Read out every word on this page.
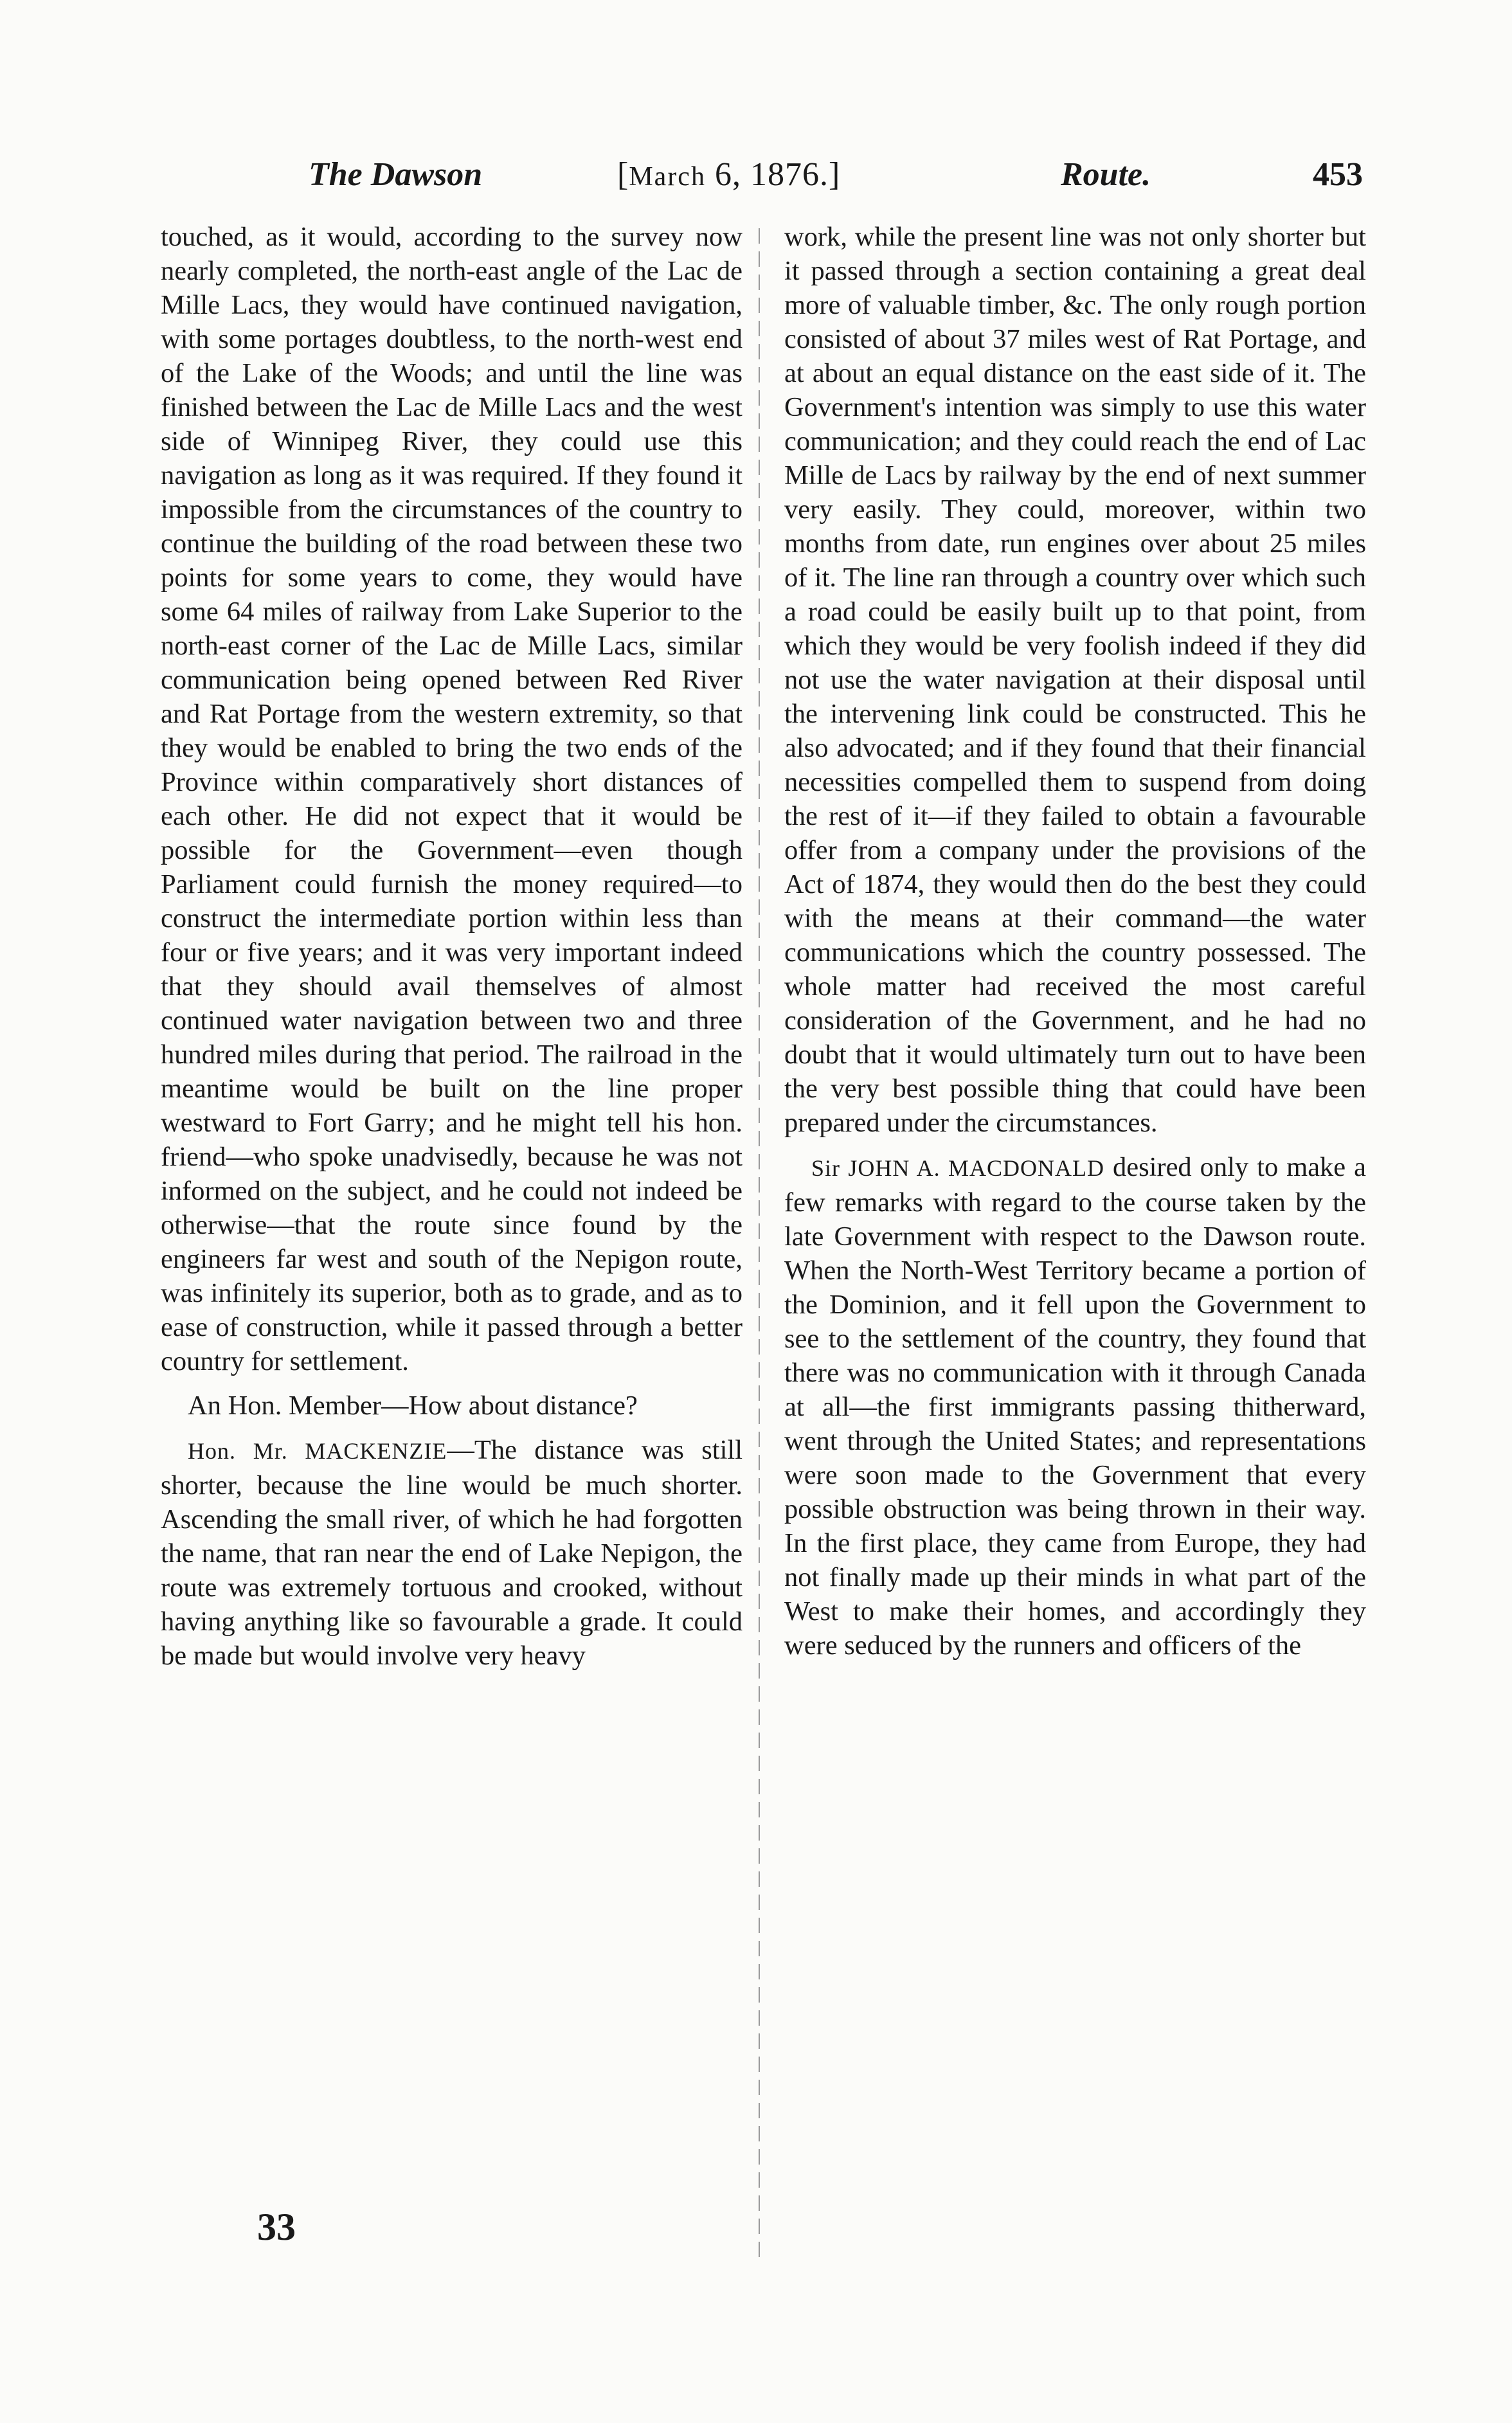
The Dawson	[March 6, 1876.]	Route.	453

touched, as it would, according to the survey now nearly completed, the north-east angle of the Lac de Mille Lacs, they would have continued navigation, with some portages doubtless, to the north-west end of the Lake of the Woods; and until the line was finished between the Lac de Mille Lacs and the west side of Winnipeg River, they could use this navigation as long as it was required. If they found it impossible from the circumstances of the country to continue the building of the road between these two points for some years to come, they would have some 64 miles of railway from Lake Superior to the north-east corner of the Lac de Mille Lacs, similar communication being opened between Red River and Rat Portage from the western extremity, so that they would be enabled to bring the two ends of the Province within comparatively short distances of each other. He did not expect that it would be possible for the Government—even though Parliament could furnish the money required—to construct the intermediate portion within less than four or five years; and it was very important indeed that they should avail themselves of almost continued water navigation between two and three hundred miles during that period. The railroad in the meantime would be built on the line proper westward to Fort Garry; and he might tell his hon. friend—who spoke unadvisedly, because he was not informed on the subject, and he could not indeed be otherwise—that the route since found by the engineers far west and south of the Nepigon route, was infinitely its superior, both as to grade, and as to ease of construction, while it passed through a better country for settlement.

An Hon. Member—How about distance?

Hon. Mr. MACKENZIE—The distance was still shorter, because the line would be much shorter. Ascending the small river, of which he had forgotten the name, that ran near the end of Lake Nepigon, the route was extremely tortuous and crooked, without having anything like so favourable a grade. It could be made but would involve very heavy

work, while the present line was not only shorter but it passed through a section containing a great deal more of valuable timber, &c. The only rough portion consisted of about 37 miles west of Rat Portage, and at about an equal distance on the east side of it. The Government's intention was simply to use this water communication; and they could reach the end of Lac Mille de Lacs by railway by the end of next summer very easily. They could, moreover, within two months from date, run engines over about 25 miles of it. The line ran through a country over which such a road could be easily built up to that point, from which they would be very foolish indeed if they did not use the water navigation at their disposal until the intervening link could be constructed. This he also advocated; and if they found that their financial necessities compelled them to suspend from doing the rest of it—if they failed to obtain a favourable offer from a company under the provisions of the Act of 1874, they would then do the best they could with the means at their command—the water communications which the country possessed. The whole matter had received the most careful consideration of the Government, and he had no doubt that it would ultimately turn out to have been the very best possible thing that could have been prepared under the circumstances.

Sir JOHN A. MACDONALD desired only to make a few remarks with regard to the course taken by the late Government with respect to the Dawson route. When the North-West Territory became a portion of the Dominion, and it fell upon the Government to see to the settlement of the country, they found that there was no communication with it through Canada at all—the first immigrants passing thitherward, went through the United States; and representations were soon made to the Government that every possible obstruction was being thrown in their way. In the first place, they came from Europe, they had not finally made up their minds in what part of the West to make their homes, and accordingly they were seduced by the runners and officers of the

33
